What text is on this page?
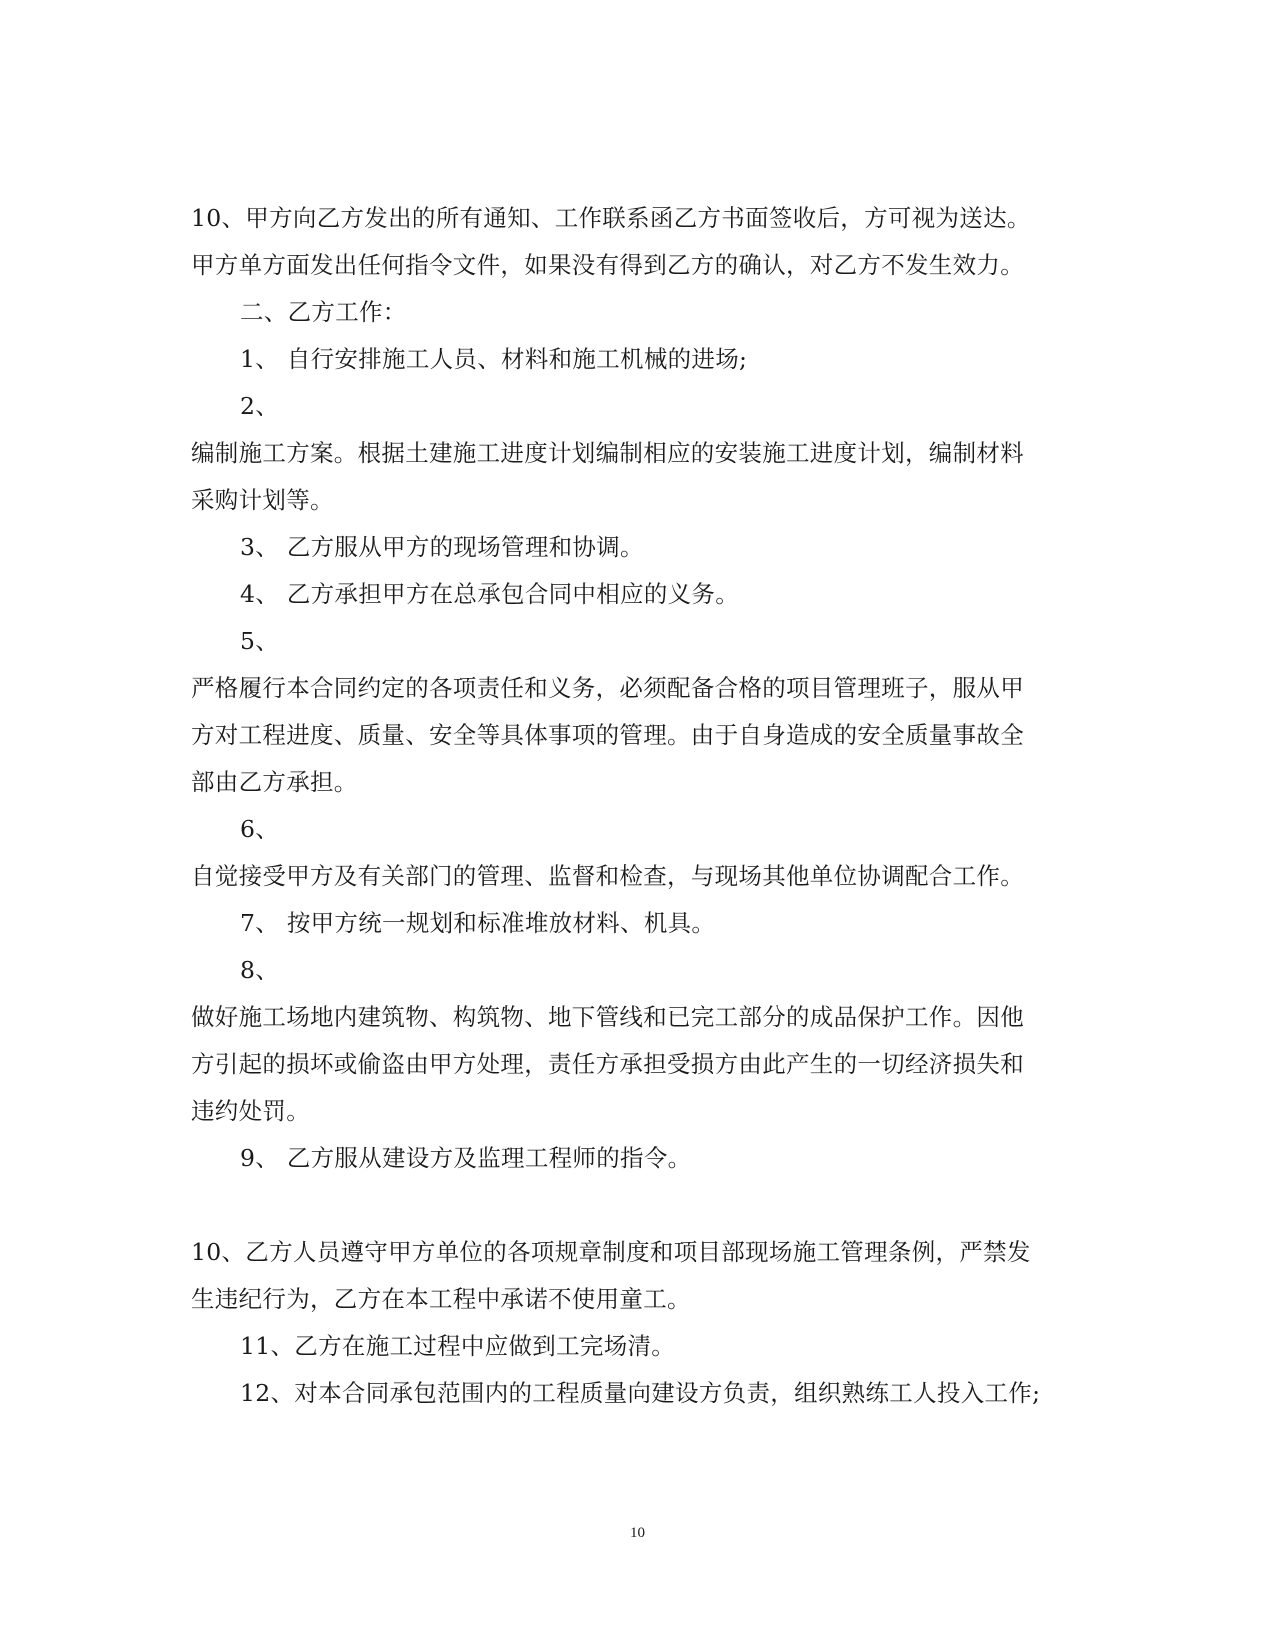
10、甲方向乙方发出的所有通知、工作联系函乙方书面签收后，方可视为送达。
甲方单方面发出任何指令文件，如果没有得到乙方的确认，对乙方不发生效力。
二、乙方工作：
1、 自行安排施工人员、材料和施工机械的进场;
2、
编制施工方案。根据土建施工进度计划编制相应的安装施工进度计划，编制材料
采购计划等。
3、 乙方服从甲方的现场管理和协调。
4、 乙方承担甲方在总承包合同中相应的义务。
5、
严格履行本合同约定的各项责任和义务，必须配备合格的项目管理班子，服从甲
方对工程进度、质量、安全等具体事项的管理。由于自身造成的安全质量事故全
部由乙方承担。
6、
自觉接受甲方及有关部门的管理、监督和检查，与现场其他单位协调配合工作。
7、 按甲方统一规划和标准堆放材料、机具。
8、
做好施工场地内建筑物、构筑物、地下管线和已完工部分的成品保护工作。因他
方引起的损坏或偷盗由甲方处理，责任方承担受损方由此产生的一切经济损失和
违约处罚。
9、 乙方服从建设方及监理工程师的指令。
10、乙方人员遵守甲方单位的各项规章制度和项目部现场施工管理条例，严禁发
生违纪行为，乙方在本工程中承诺不使用童工。
11、乙方在施工过程中应做到工完场清。
12、对本合同承包范围内的工程质量向建设方负责，组织熟练工人投入工作;
10
